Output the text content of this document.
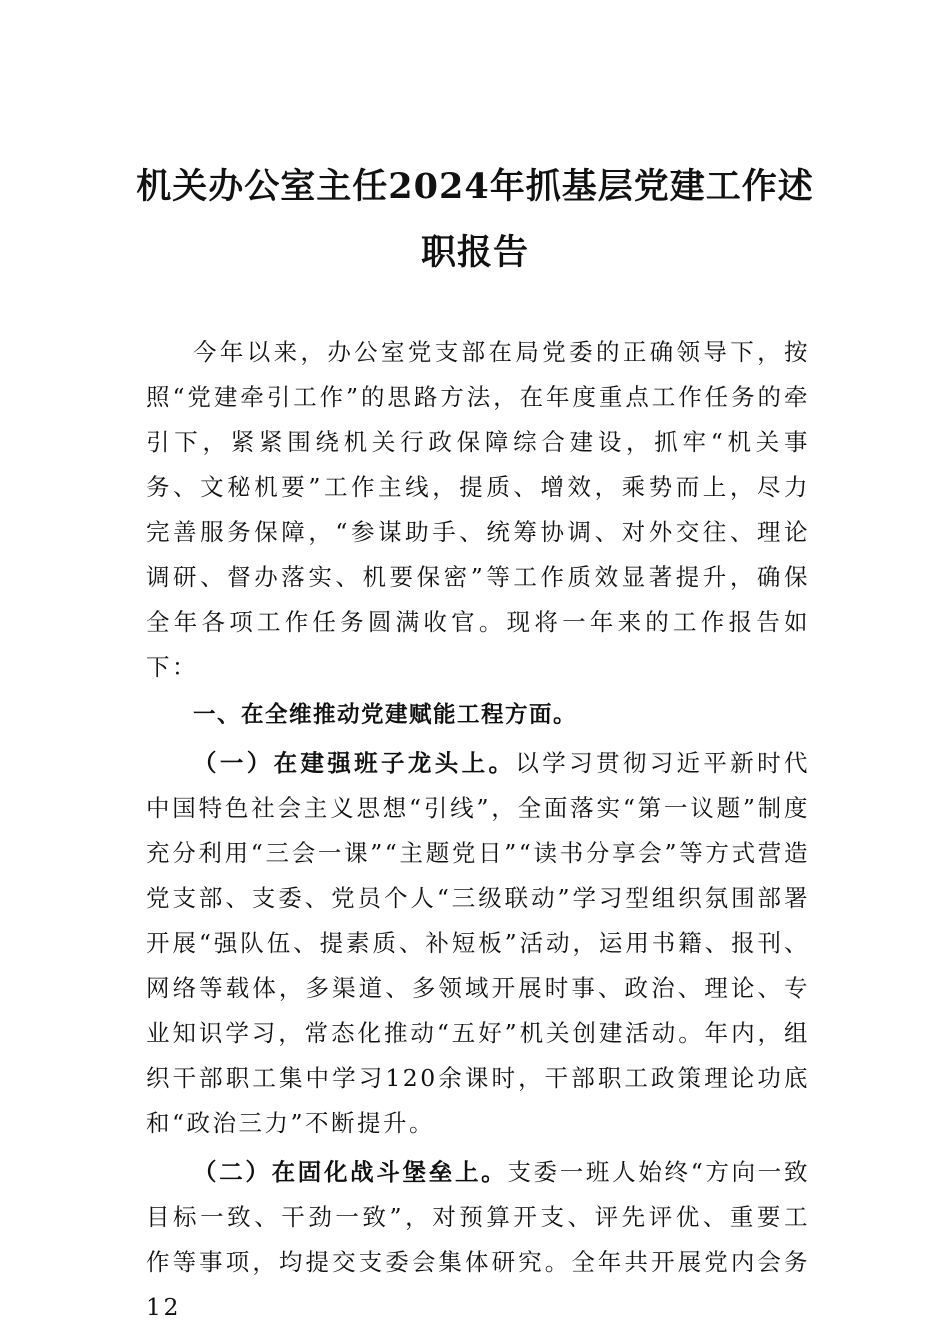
机关办公室主任2024年抓基层党建工作述
职报告

今年以来，办公室党支部在局党委的正确领导下，按照“党建牵引工作”的思路方法，在年度重点工作任务的牵引下，紧紧围绕机关行政保障综合建设，抓牢“机关事务、文秘机要”工作主线，提质、增效，乘势而上，尽力完善服务保障，“参谋助手、统筹协调、对外交往、理论调研、督办落实、机要保密”等工作质效显著提升，确保全年各项工作任务圆满收官。现将一年来的工作报告如下：

一、在全维推动党建赋能工程方面。

（一）在建强班子龙头上。以学习贯彻习近平新时代中国特色社会主义思想“引线”，全面落实“第一议题”制度充分利用“三会一课”“主题党日”“读书分享会”等方式营造党支部、支委、党员个人“三级联动”学习型组织氛围部署开展“强队伍、提素质、补短板”活动，运用书籍、报刊、网络等载体，多渠道、多领域开展时事、政治、理论、专业知识学习，常态化推动“五好”机关创建活动。年内，组织干部职工集中学习120余课时，干部职工政策理论功底和“政治三力”不断提升。

（二）在固化战斗堡垒上。支委一班人始终“方向一致目标一致、干劲一致”，对预算开支、评先评优、重要工作等事项，均提交支委会集体研究。全年共开展党内会务12
